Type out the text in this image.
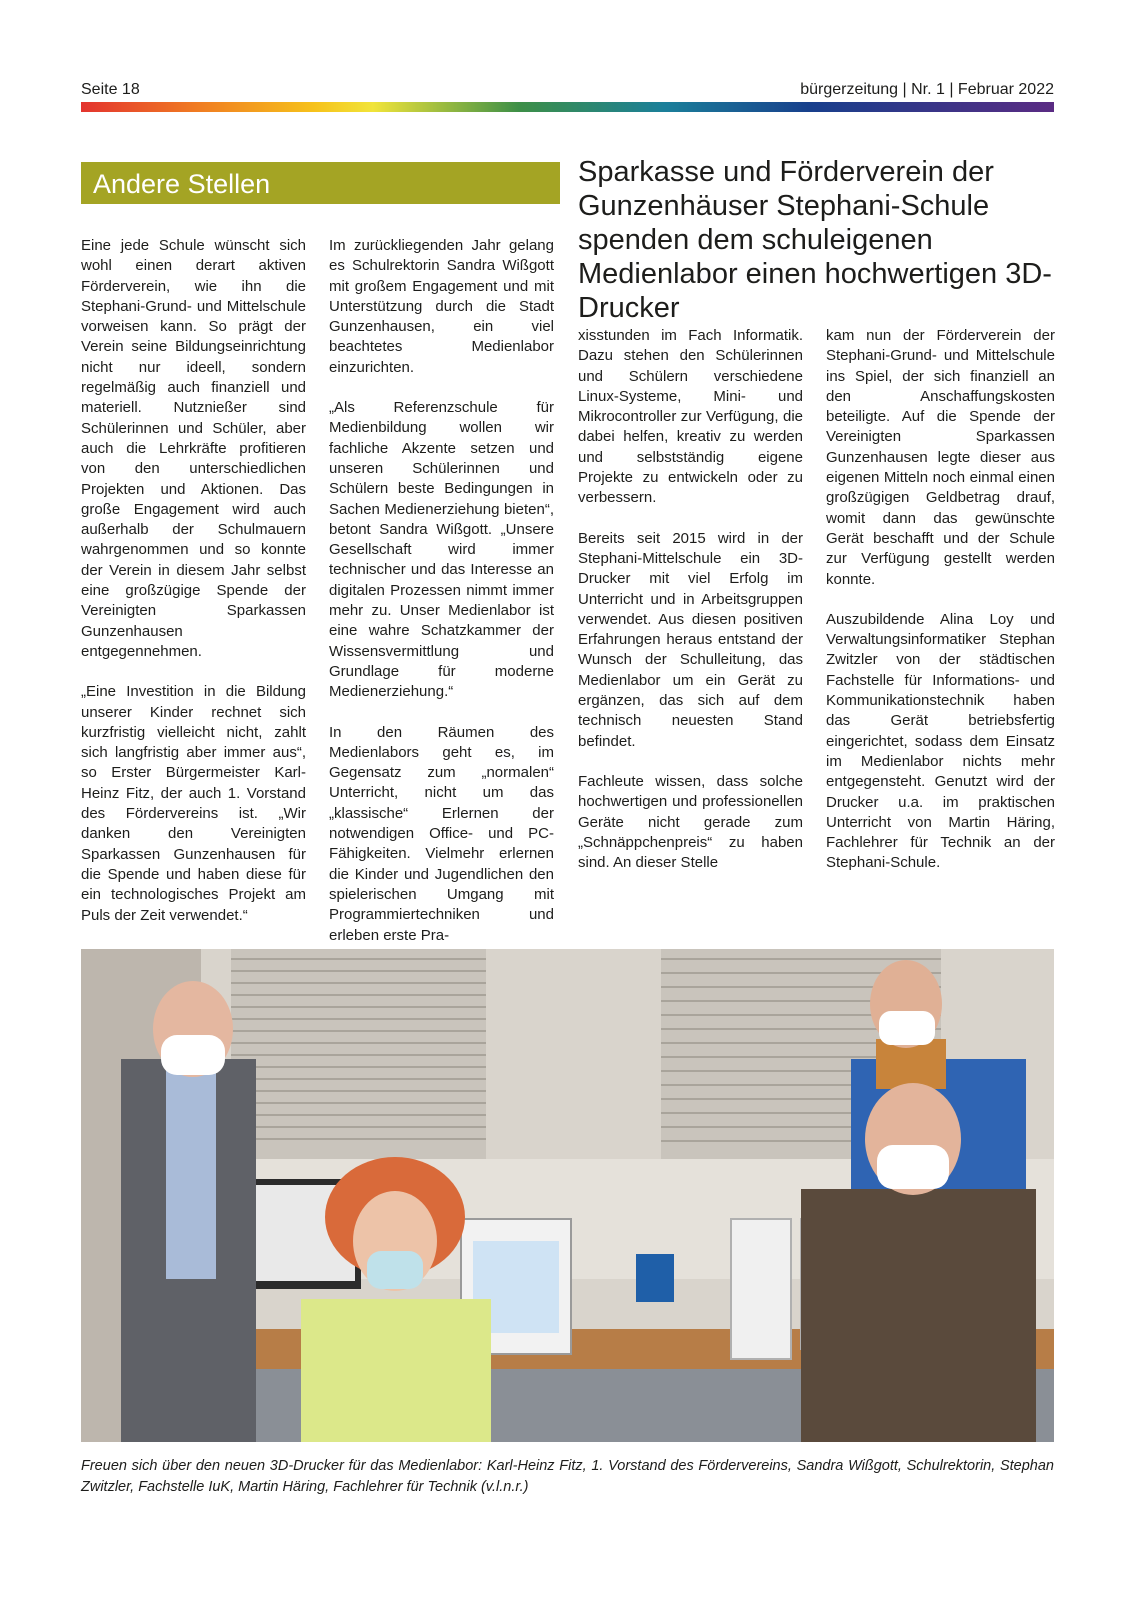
Seite 18	bürgerzeitung | Nr. 1 | Februar 2022
Andere Stellen	Sparkasse und Förderverein der Gunzenhäuser Stephani-Schule spenden dem schuleigenen Medienlabor einen hochwertigen 3D-Drucker

Eine jede Schule wünscht sich wohl einen derart aktiven Förderverein, wie ihn die Stephani-Grund- und Mittelschule vorweisen kann. So prägt der Verein seine Bildungseinrichtung nicht nur ideell, sondern regelmäßig auch finanziell und materiell. Nutznießer sind Schülerinnen und Schüler, aber auch die Lehrkräfte profitieren von den unterschiedlichen Projekten und Aktionen. Das große Engagement wird auch außerhalb der Schulmauern wahrgenommen und so konnte der Verein in diesem Jahr selbst eine großzügige Spende der Vereinigten Sparkassen Gunzenhausen entgegennehmen.

„Eine Investition in die Bildung unserer Kinder rechnet sich kurzfristig vielleicht nicht, zahlt sich langfristig aber immer aus“, so Erster Bürgermeister Karl-Heinz Fitz, der auch 1. Vorstand des Fördervereins ist. „Wir danken den Vereinigten Sparkassen Gunzenhausen für die Spende und haben diese für ein technologisches Projekt am Puls der Zeit verwendet.“

Im zurückliegenden Jahr gelang es Schulrektorin Sandra Wißgott mit großem Engagement und mit Unterstützung durch die Stadt Gunzenhausen, ein viel beachtetes Medienlabor einzurichten.

„Als Referenzschule für Medienbildung wollen wir fachliche Akzente setzen und unseren Schülerinnen und Schülern beste Bedingungen in Sachen Medienerziehung bieten“, betont Sandra Wißgott. „Unsere Gesellschaft wird immer technischer und das Interesse an digitalen Prozessen nimmt immer mehr zu. Unser Medienlabor ist eine wahre Schatzkammer der Wissensvermittlung und Grundlage für moderne Medienerziehung.“

In den Räumen des Medienlabors geht es, im Gegensatz zum „normalen“ Unterricht, nicht um das „klassische“ Erlernen der notwendigen Office- und PC-Fähigkeiten. Vielmehr erlernen die Kinder und Jugendlichen den spielerischen Umgang mit Programmiertechniken und erleben erste Pra-

xisstunden im Fach Informatik. Dazu stehen den Schülerinnen und Schülern verschiedene Linux-Systeme, Mini- und Mikrocontroller zur Verfügung, die dabei helfen, kreativ zu werden und selbstständig eigene Projekte zu entwickeln oder zu verbessern.

Bereits seit 2015 wird in der Stephani-Mittelschule ein 3D-Drucker mit viel Erfolg im Unterricht und in Arbeitsgruppen verwendet. Aus diesen positiven Erfahrungen heraus entstand der Wunsch der Schulleitung, das Medienlabor um ein Gerät zu ergänzen, das sich auf dem technisch neuesten Stand befindet.

Fachleute wissen, dass solche hochwertigen und professionellen Geräte nicht gerade zum „Schnäppchenpreis“ zu haben sind. An dieser Stelle

kam nun der Förderverein der Stephani-Grund- und Mittelschule ins Spiel, der sich finanziell an den Anschaffungskosten beteiligte. Auf die Spende der Vereinigten Sparkassen Gunzenhausen legte dieser aus eigenen Mitteln noch einmal einen großzügigen Geldbetrag drauf, womit dann das gewünschte Gerät beschafft und der Schule zur Verfügung gestellt werden konnte.

Auszubildende Alina Loy und Verwaltungsinformatiker Stephan Zwitzler von der städtischen Fachstelle für Informations- und Kommunikationstechnik haben das Gerät betriebsfertig eingerichtet, sodass dem Einsatz im Medienlabor nichts mehr entgegensteht. Genutzt wird der Drucker u.a. im praktischen Unterricht von Martin Häring, Fachlehrer für Technik an der Stephani-Schule.

Freuen sich über den neuen 3D-Drucker für das Medienlabor: Karl-Heinz Fitz, 1. Vorstand des Fördervereins, Sandra Wißgott, Schulrektorin, Stephan Zwitzler, Fachstelle IuK, Martin Häring, Fachlehrer für Technik (v.l.n.r.)
